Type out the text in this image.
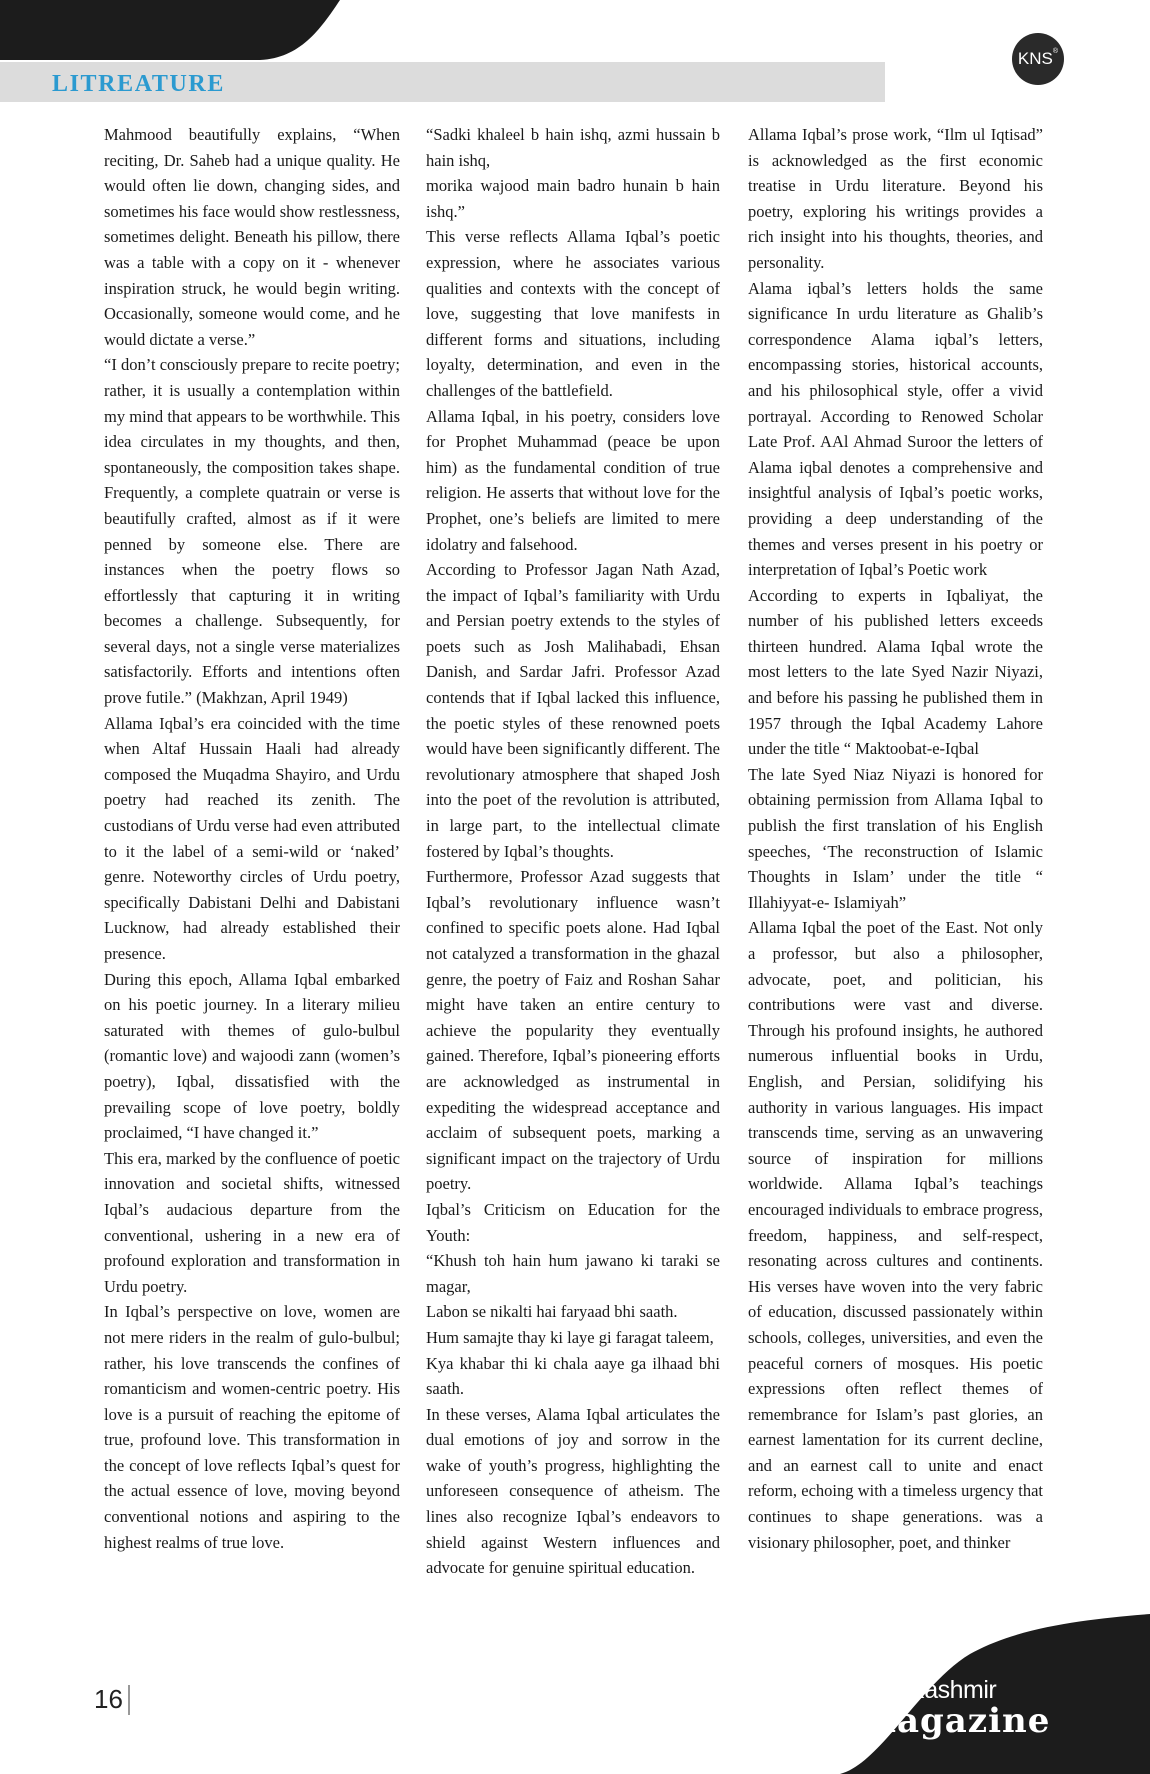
LITREATURE
KNS ®

Mahmood beautifully explains, “When reciting, Dr. Saheb had a unique quality. He would often lie down, changing sides, and sometimes his face would show restlessness, sometimes delight. Beneath his pillow, there was a table with a copy on it - whenever inspiration struck, he would begin writing. Occasionally, someone would come, and he would dictate a verse.”

“I don’t consciously prepare to recite poetry; rather, it is usually a contemplation within my mind that appears to be worthwhile. This idea circulates in my thoughts, and then, spontaneously, the composition takes shape. Frequently, a complete quatrain or verse is beautifully crafted, almost as if it were penned by someone else. There are instances when the poetry flows so effortlessly that capturing it in writing becomes a challenge. Subsequently, for several days, not a single verse materializes satisfactorily. Efforts and intentions often prove futile.” (Makhzan, April 1949)

Allama Iqbal’s era coincided with the time when Altaf Hussain Haali had already composed the Muqadma Shayiro, and Urdu poetry had reached its zenith. The custodians of Urdu verse had even attributed to it the label of a semi-wild or ‘naked’ genre. Noteworthy circles of Urdu poetry, specifically Dabistani Delhi and Dabistani Lucknow, had already established their presence.

During this epoch, Allama Iqbal embarked on his poetic journey. In a literary milieu saturated with themes of gulo-bulbul (romantic love) and wajoodi zann (women’s poetry), Iqbal, dissatisfied with the prevailing scope of love poetry, boldly proclaimed, “I have changed it.”

This era, marked by the confluence of poetic innovation and societal shifts, witnessed Iqbal’s audacious departure from the conventional, ushering in a new era of profound exploration and transformation in Urdu poetry.

In Iqbal’s perspective on love, women are not mere riders in the realm of gulo-bulbul; rather, his love transcends the confines of romanticism and women-centric poetry. His love is a pursuit of reaching the epitome of true, profound love. This transformation in the concept of love reflects Iqbal’s quest for the actual essence of love, moving beyond conventional notions and aspiring to the highest realms of true love.

“Sadki khaleel b hain ishq, azmi hussain b hain ishq,

morika wajood main badro hunain b hain ishq.”

This verse reflects Allama Iqbal’s poetic expression, where he associates various qualities and contexts with the concept of love, suggesting that love manifests in different forms and situations, including loyalty, determination, and even in the challenges of the battlefield.

Allama Iqbal, in his poetry, considers love for Prophet Muhammad (peace be upon him) as the fundamental condition of true religion. He asserts that without love for the Prophet, one’s beliefs are limited to mere idolatry and falsehood.

According to Professor Jagan Nath Azad, the impact of Iqbal’s familiarity with Urdu and Persian poetry extends to the styles of poets such as Josh Malihabadi, Ehsan Danish, and Sardar Jafri. Professor Azad contends that if Iqbal lacked this influence, the poetic styles of these renowned poets would have been significantly different. The revolutionary atmosphere that shaped Josh into the poet of the revolution is attributed, in large part, to the intellectual climate fostered by Iqbal’s thoughts.

Furthermore, Professor Azad suggests that Iqbal’s revolutionary influence wasn’t confined to specific poets alone. Had Iqbal not catalyzed a transformation in the ghazal genre, the poetry of Faiz and Roshan Sahar might have taken an entire century to achieve the popularity they eventually gained. Therefore, Iqbal’s pioneering efforts are acknowledged as instrumental in expediting the widespread acceptance and acclaim of subsequent poets, marking a significant impact on the trajectory of Urdu poetry.

Iqbal’s Criticism on Education for the Youth:

“Khush toh hain hum jawano ki taraki se magar,

Labon se nikalti hai faryaad bhi saath.

Hum samajte thay ki laye gi faragat taleem,

Kya khabar thi ki chala aaye ga ilhaad bhi saath.

In these verses, Alama Iqbal articulates the dual emotions of joy and sorrow in the wake of youth’s progress, highlighting the unforeseen consequence of atheism. The lines also recognize Iqbal’s endeavors to shield against Western influences and advocate for genuine spiritual education.

Allama Iqbal’s prose work, “Ilm ul Iqtisad” is acknowledged as the first economic treatise in Urdu literature. Beyond his poetry, exploring his writings provides a rich insight into his thoughts, theories, and personality.

Alama iqbal’s letters holds the same significance In urdu literature as Ghalib’s correspondence Alama iqbal’s letters, encompassing stories, historical accounts, and his philosophical style, offer a vivid portrayal. According to Renowed Scholar Late Prof. AAl Ahmad Suroor the letters of Alama iqbal denotes a comprehensive and insightful analysis of Iqbal’s poetic works, providing a deep understanding of the themes and verses present in his poetry or interpretation of Iqbal’s Poetic work

According to experts in Iqbaliyat, the number of his published letters exceeds thirteen hundred. Alama Iqbal wrote the most letters to the late Syed Nazir Niyazi, and before his passing he published them in 1957 through the Iqbal Academy Lahore under the title “ Maktoobat-e-Iqbal

The late Syed Niaz Niyazi is honored for obtaining permission from Allama Iqbal to publish the first translation of his English speeches, ‘The reconstruction of Islamic Thoughts in Islam’ under the title “ Illahiyyat-e- Islamiyah”

Allama Iqbal the poet of the East. Not only a professor, but also a philosopher, advocate, poet, and politician, his contributions were vast and diverse. Through his profound insights, he authored numerous influential books in Urdu, English, and Persian, solidifying his authority in various languages. His impact transcends time, serving as an unwavering source of inspiration for millions worldwide. Allama Iqbal’s teachings encouraged individuals to embrace progress, freedom, happiness, and self-respect, resonating across cultures and continents. His verses have woven into the very fabric of education, discussed passionately within schools, colleges, universities, and even the peaceful corners of mosques. His poetic expressions often reflect themes of remembrance for Islam’s past glories, an earnest lamentation for its current decline, and an earnest call to unite and enact reform, echoing with a timeless urgency that continues to shape generations. was a visionary philosopher, poet, and thinker

16	The Kashmir
magazine
